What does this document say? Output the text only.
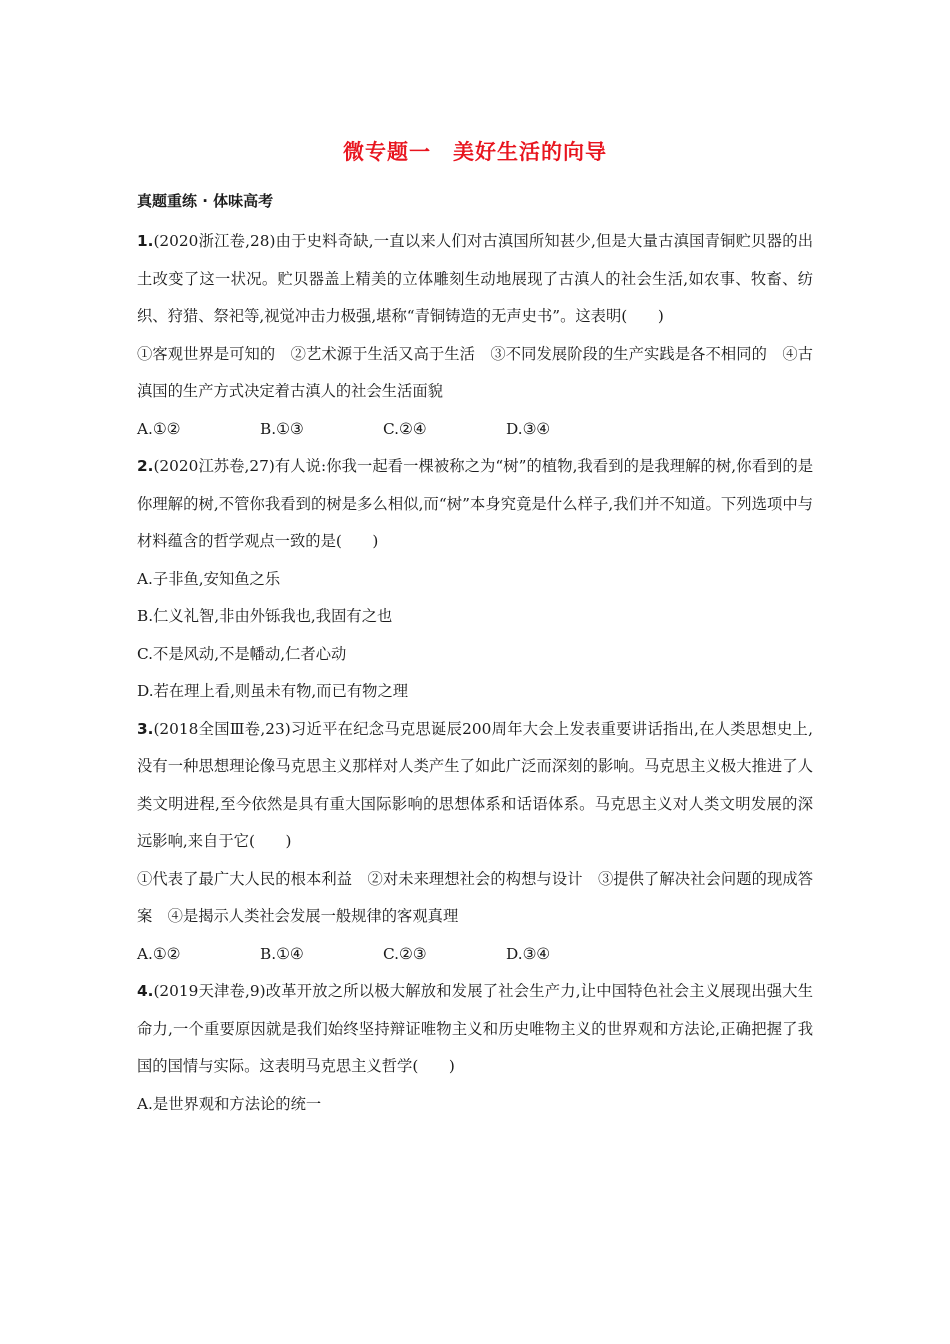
微专题一　美好生活的向导
真题重练 · 体味高考

1.(2020浙江卷,28)由于史料奇缺,一直以来人们对古滇国所知甚少,但是大量古滇国青铜贮贝器的出土改变了这一状况。贮贝器盖上精美的立体雕刻生动地展现了古滇人的社会生活,如农事、牧畜、纺织、狩猎、祭祀等,视觉冲击力极强,堪称“青铜铸造的无声史书”。这表明(　　)

①客观世界是可知的　②艺术源于生活又高于生活　③不同发展阶段的生产实践是各不相同的　④古滇国的生产方式决定着古滇人的社会生活面貌

A.①②	B.①③	C.②④	D.③④

2.(2020江苏卷,27)有人说:你我一起看一棵被称之为“树”的植物,我看到的是我理解的树,你看到的是你理解的树,不管你我看到的树是多么相似,而“树”本身究竟是什么样子,我们并不知道。下列选项中与材料蕴含的哲学观点一致的是(　　)

A.子非鱼,安知鱼之乐

B.仁义礼智,非由外铄我也,我固有之也

C.不是风动,不是幡动,仁者心动

D.若在理上看,则虽未有物,而已有物之理

3.(2018全国Ⅲ卷,23)习近平在纪念马克思诞辰200周年大会上发表重要讲话指出,在人类思想史上,没有一种思想理论像马克思主义那样对人类产生了如此广泛而深刻的影响。马克思主义极大推进了人类文明进程,至今依然是具有重大国际影响的思想体系和话语体系。马克思主义对人类文明发展的深远影响,来自于它(　　)

①代表了最广大人民的根本利益　②对未来理想社会的构想与设计　③提供了解决社会问题的现成答案　④是揭示人类社会发展一般规律的客观真理

A.①②	B.①④	C.②③	D.③④

4.(2019天津卷,9)改革开放之所以极大解放和发展了社会生产力,让中国特色社会主义展现出强大生命力,一个重要原因就是我们始终坚持辩证唯物主义和历史唯物主义的世界观和方法论,正确把握了我国的国情与实际。这表明马克思主义哲学(　　)

A.是世界观和方法论的统一
